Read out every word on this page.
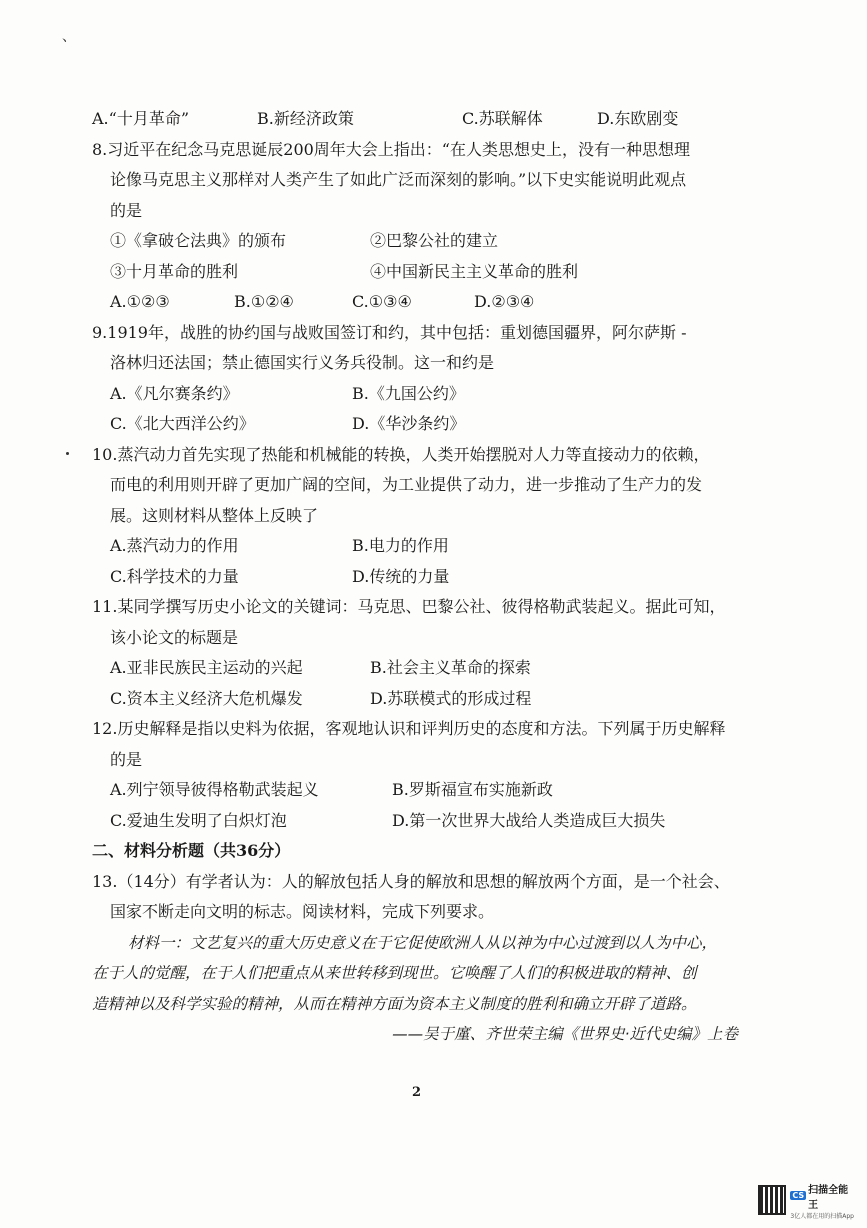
、
A.“十月革命”	B.新经济政策	C.苏联解体	D.东欧剧变
8.习近平在纪念马克思诞辰200周年大会上指出：“在人类思想史上，没有一种思想理
论像马克思主义那样对人类产生了如此广泛而深刻的影响。”以下史实能说明此观点
的是
①《拿破仑法典》的颁布	②巴黎公社的建立
③十月革命的胜利	④中国新民主主义革命的胜利
A.①②③	B.①②④	C.①③④	D.②③④
9.1919年，战胜的协约国与战败国签订和约，其中包括：重划德国疆界，阿尔萨斯 -
洛林归还法国；禁止德国实行义务兵役制。这一和约是
A.《凡尔赛条约》	B.《九国公约》
C.《北大西洋公约》	D.《华沙条约》
10.蒸汽动力首先实现了热能和机械能的转换，人类开始摆脱对人力等直接动力的依赖，
而电的利用则开辟了更加广阔的空间，为工业提供了动力，进一步推动了生产力的发
展。这则材料从整体上反映了
A.蒸汽动力的作用	B.电力的作用
C.科学技术的力量	D.传统的力量
11.某同学撰写历史小论文的关键词：马克思、巴黎公社、彼得格勒武装起义。据此可知，
该小论文的标题是
A.亚非民族民主运动的兴起	B.社会主义革命的探索
C.资本主义经济大危机爆发	D.苏联模式的形成过程
12.历史解释是指以史料为依据，客观地认识和评判历史的态度和方法。下列属于历史解释
的是
A.列宁领导彼得格勒武装起义	B.罗斯福宣布实施新政
C.爱迪生发明了白炽灯泡	D.第一次世界大战给人类造成巨大损失
二、材料分析题（共36分）
13.（14分）有学者认为：人的解放包括人身的解放和思想的解放两个方面，是一个社会、
国家不断走向文明的标志。阅读材料，完成下列要求。
材料一：文艺复兴的重大历史意义在于它促使欧洲人从以神为中心过渡到以人为中心，
在于人的觉醒，在于人们把重点从来世转移到现世。它唤醒了人们的积极进取的精神、创
造精神以及科学实验的精神，从而在精神方面为资本主义制度的胜利和确立开辟了道路。
——吴于廑、齐世荣主编《世界史·近代史编》上卷
2
CS 扫描全能王
3亿人都在用的扫描App
